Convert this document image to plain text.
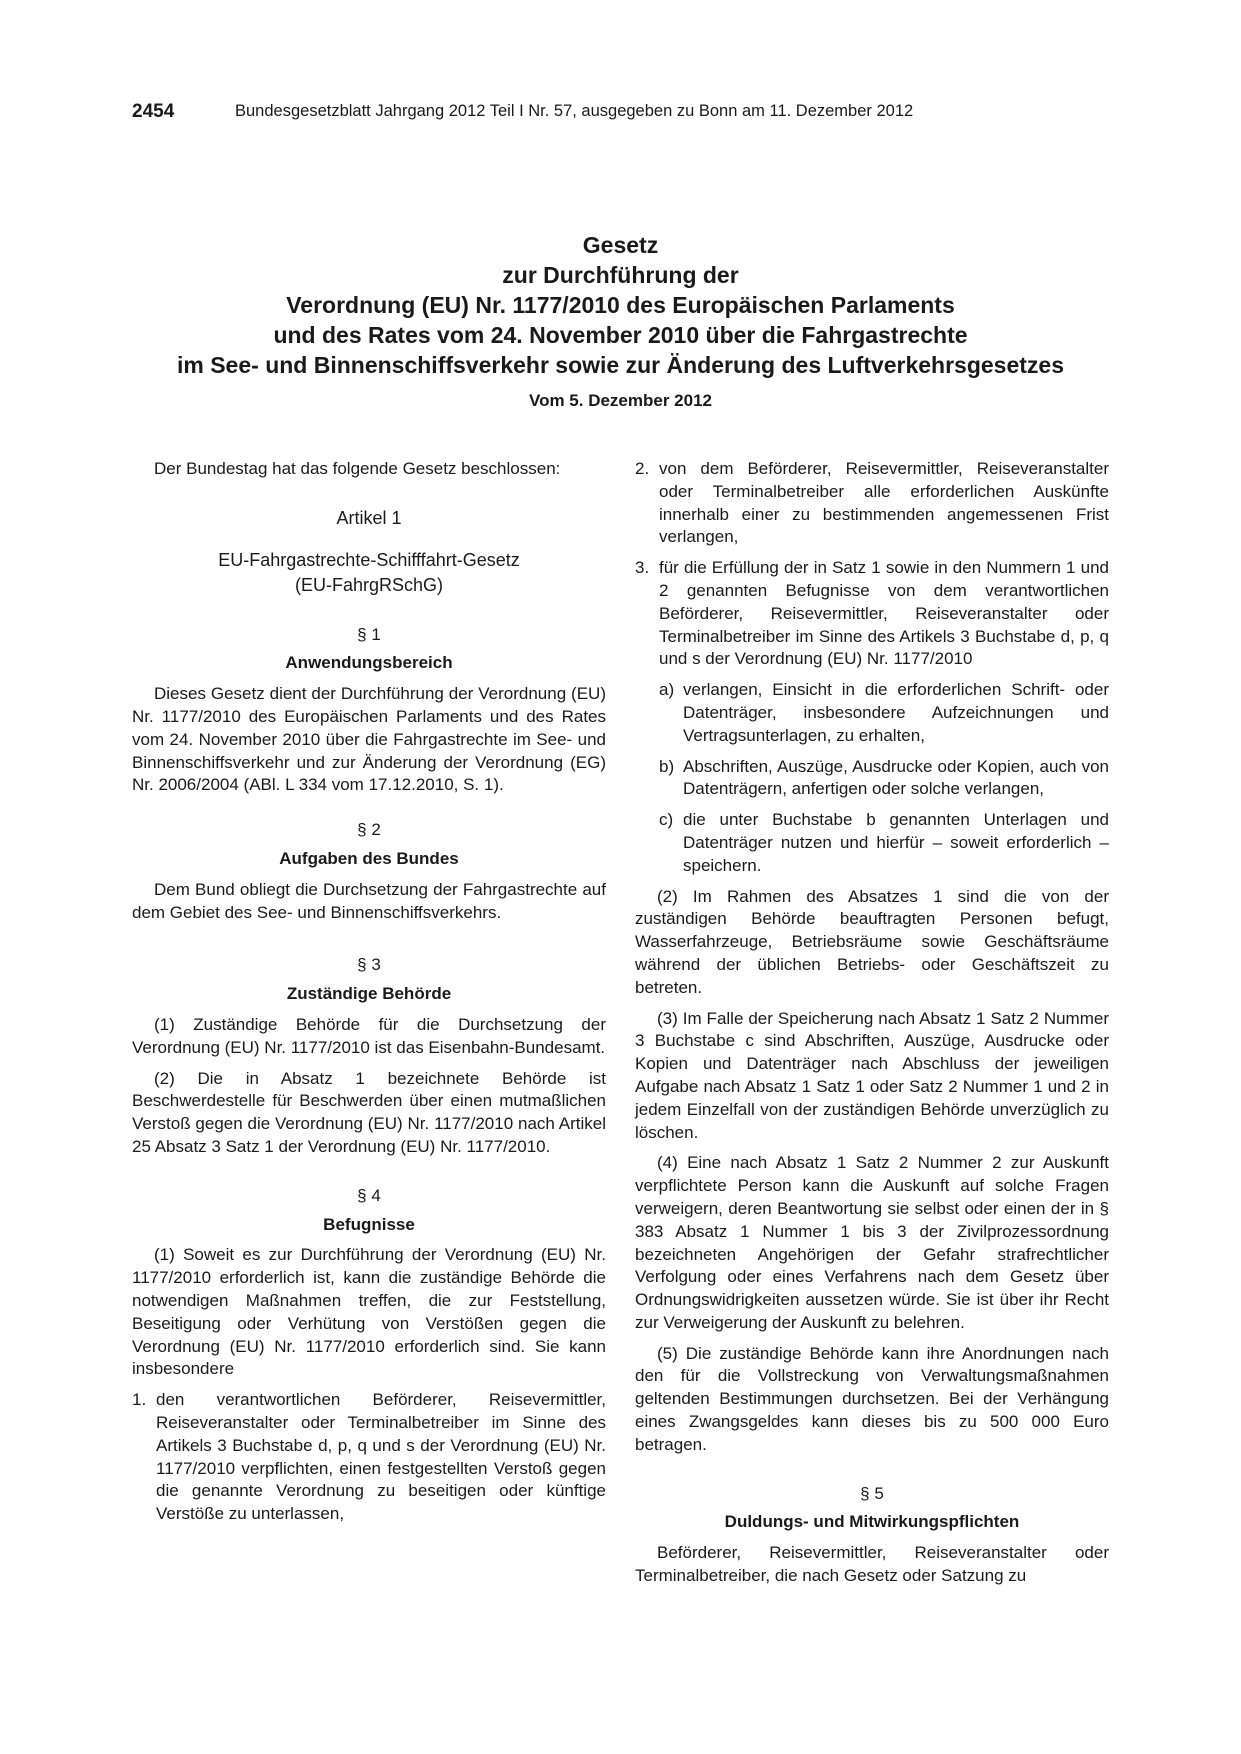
2454	Bundesgesetzblatt Jahrgang 2012 Teil I Nr. 57, ausgegeben zu Bonn am 11. Dezember 2012

Gesetz

zur Durchführung der

Verordnung (EU) Nr. 1177/2010 des Europäischen Parlaments

und des Rates vom 24. November 2010 über die Fahrgastrechte

im See- und Binnenschiffsverkehr sowie zur Änderung des Luftverkehrsgesetzes

Vom 5. Dezember 2012

Der Bundestag hat das folgende Gesetz beschlossen:

Artikel 1

EU-Fahrgastrechte-Schifffahrt-Gesetz
(EU-FahrgRSchG)

§ 1

Anwendungsbereich

Dieses Gesetz dient der Durchführung der Verordnung (EU) Nr. 1177/2010 des Europäischen Parlaments und des Rates vom 24. November 2010 über die Fahrgastrechte im See- und Binnenschiffsverkehr und zur Änderung der Verordnung (EG) Nr. 2006/2004 (ABl. L 334 vom 17.12.2010, S. 1).

§ 2

Aufgaben des Bundes

Dem Bund obliegt die Durchsetzung der Fahrgastrechte auf dem Gebiet des See- und Binnenschiffsverkehrs.

§ 3

Zuständige Behörde

(1) Zuständige Behörde für die Durchsetzung der Verordnung (EU) Nr. 1177/2010 ist das Eisenbahn-Bundesamt.

(2) Die in Absatz 1 bezeichnete Behörde ist Beschwerdestelle für Beschwerden über einen mutmaßlichen Verstoß gegen die Verordnung (EU) Nr. 1177/2010 nach Artikel 25 Absatz 3 Satz 1 der Verordnung (EU) Nr. 1177/2010.

§ 4

Befugnisse

(1) Soweit es zur Durchführung der Verordnung (EU) Nr. 1177/2010 erforderlich ist, kann die zuständige Behörde die notwendigen Maßnahmen treffen, die zur Feststellung, Beseitigung oder Verhütung von Verstößen gegen die Verordnung (EU) Nr. 1177/2010 erforderlich sind. Sie kann insbesondere

1. den verantwortlichen Beförderer, Reisevermittler, Reiseveranstalter oder Terminalbetreiber im Sinne des Artikels 3 Buchstabe d, p, q und s der Verordnung (EU) Nr. 1177/2010 verpflichten, einen festgestellten Verstoß gegen die genannte Verordnung zu beseitigen oder künftige Verstöße zu unterlassen,
2. von dem Beförderer, Reisevermittler, Reiseveranstalter oder Terminalbetreiber alle erforderlichen Auskünfte innerhalb einer zu bestimmenden angemessenen Frist verlangen,
3. für die Erfüllung der in Satz 1 sowie in den Nummern 1 und 2 genannten Befugnisse von dem verantwortlichen Beförderer, Reisevermittler, Reiseveranstalter oder Terminalbetreiber im Sinne des Artikels 3 Buchstabe d, p, q und s der Verordnung (EU) Nr. 1177/2010
a) verlangen, Einsicht in die erforderlichen Schrift- oder Datenträger, insbesondere Aufzeichnungen und Vertragsunterlagen, zu erhalten,
b) Abschriften, Auszüge, Ausdrucke oder Kopien, auch von Datenträgern, anfertigen oder solche verlangen,
c) die unter Buchstabe b genannten Unterlagen und Datenträger nutzen und hierfür – soweit erforderlich – speichern.

(2) Im Rahmen des Absatzes 1 sind die von der zuständigen Behörde beauftragten Personen befugt, Wasserfahrzeuge, Betriebsräume sowie Geschäftsräume während der üblichen Betriebs- oder Geschäftszeit zu betreten.

(3) Im Falle der Speicherung nach Absatz 1 Satz 2 Nummer 3 Buchstabe c sind Abschriften, Auszüge, Ausdrucke oder Kopien und Datenträger nach Abschluss der jeweiligen Aufgabe nach Absatz 1 Satz 1 oder Satz 2 Nummer 1 und 2 in jedem Einzelfall von der zuständigen Behörde unverzüglich zu löschen.

(4) Eine nach Absatz 1 Satz 2 Nummer 2 zur Auskunft verpflichtete Person kann die Auskunft auf solche Fragen verweigern, deren Beantwortung sie selbst oder einen der in § 383 Absatz 1 Nummer 1 bis 3 der Zivilprozessordnung bezeichneten Angehörigen der Gefahr strafrechtlicher Verfolgung oder eines Verfahrens nach dem Gesetz über Ordnungswidrigkeiten aussetzen würde. Sie ist über ihr Recht zur Verweigerung der Auskunft zu belehren.

(5) Die zuständige Behörde kann ihre Anordnungen nach den für die Vollstreckung von Verwaltungsmaßnahmen geltenden Bestimmungen durchsetzen. Bei der Verhängung eines Zwangsgeldes kann dieses bis zu 500 000 Euro betragen.

§ 5

Duldungs- und Mitwirkungspflichten

Beförderer, Reisevermittler, Reiseveranstalter oder Terminalbetreiber, die nach Gesetz oder Satzung zu
